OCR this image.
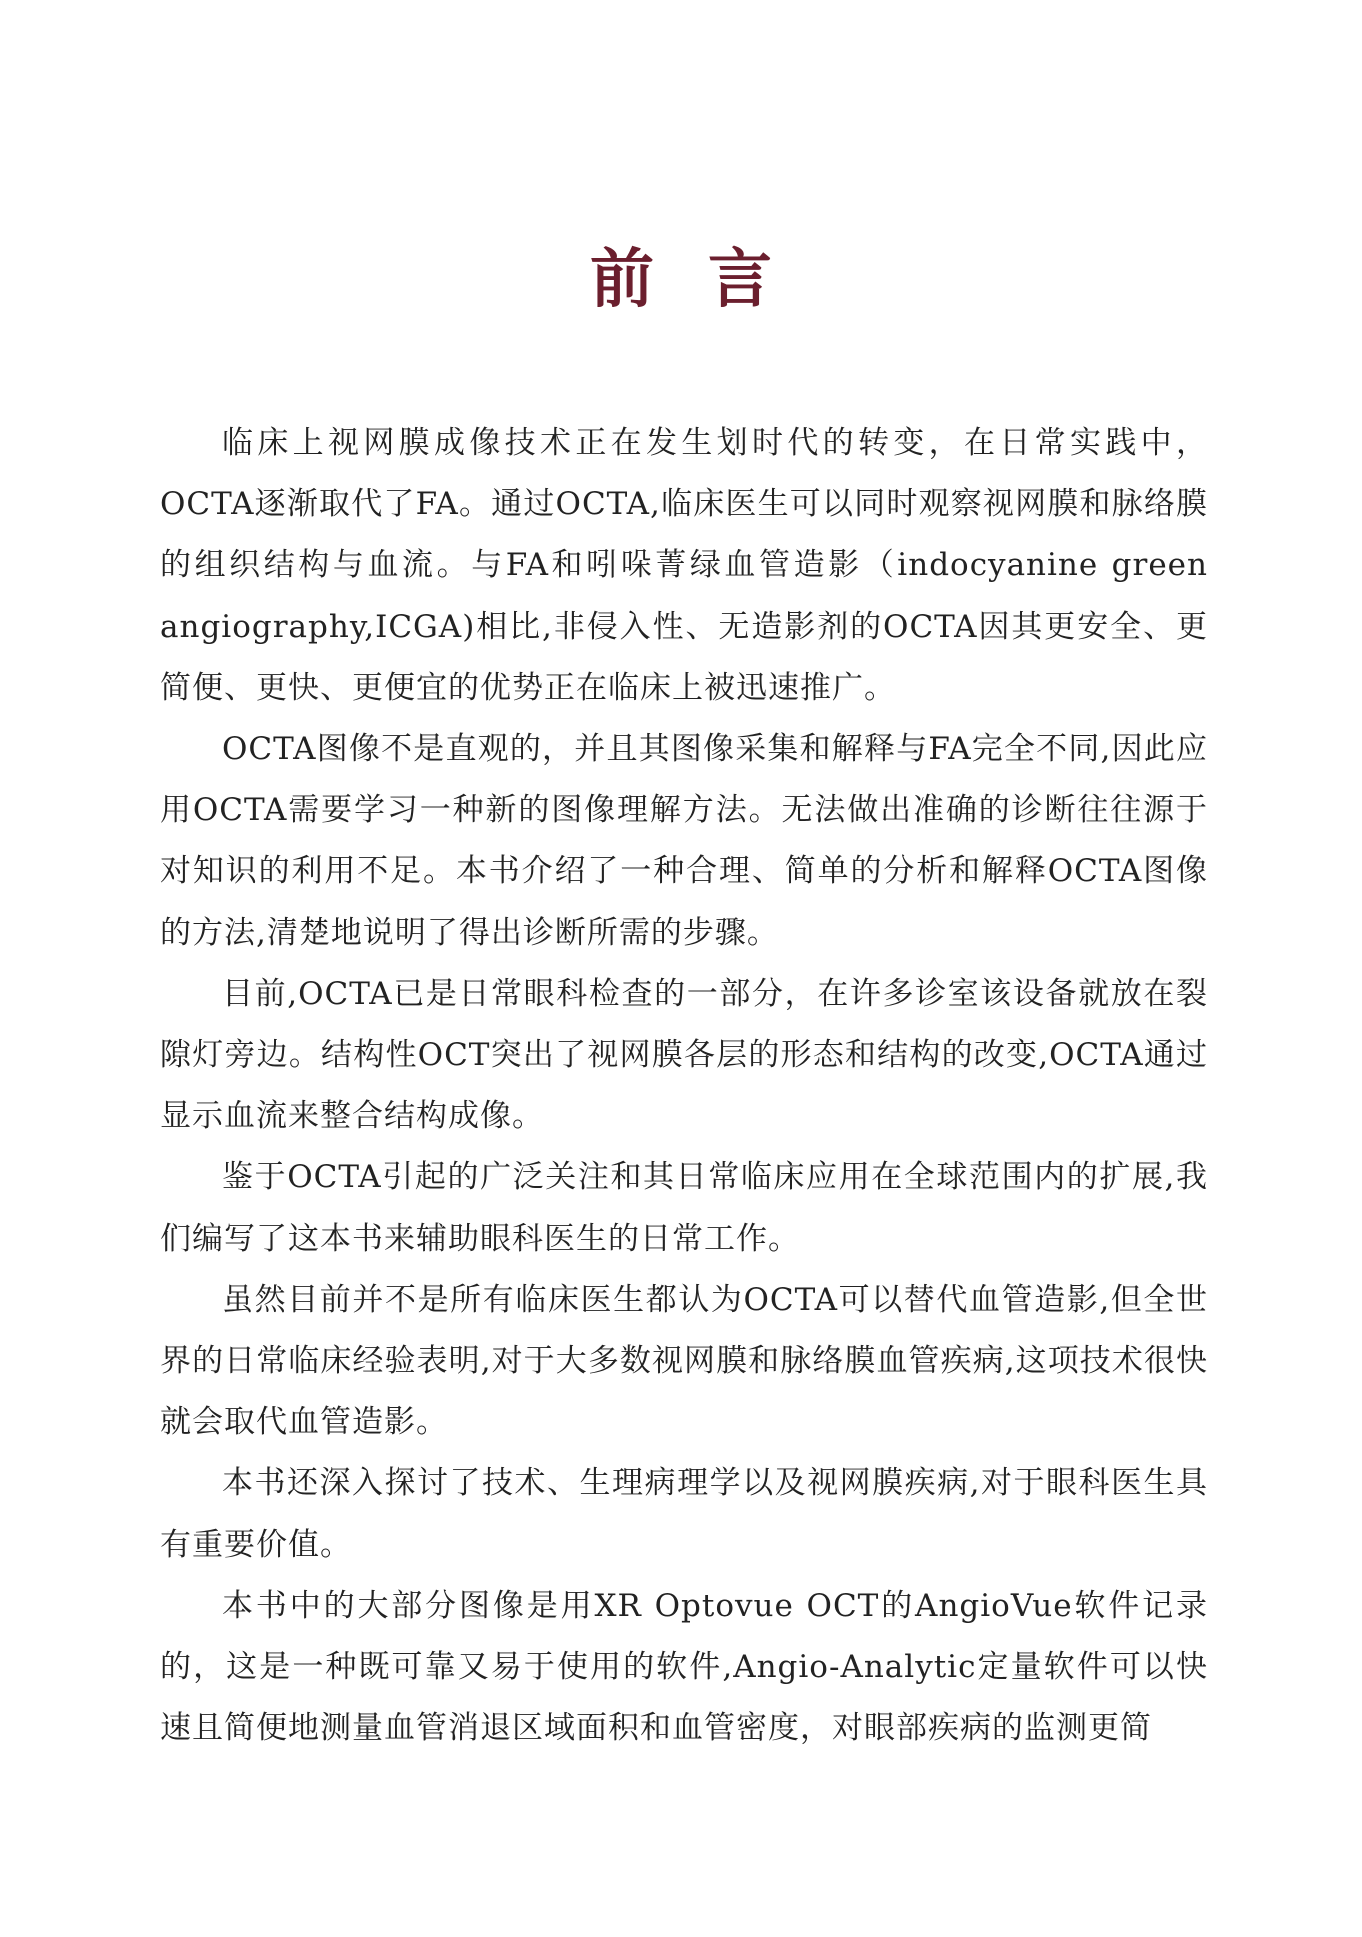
前言

临床上视网膜成像技术正在发生划时代的转变，在日常实践中，OCTA逐渐取代了FA。通过OCTA,临床医生可以同时观察视网膜和脉络膜的组织结构与血流。与FA和吲哚菁绿血管造影（indocyanine green angiography,ICGA)相比,非侵入性、无造影剂的OCTA因其更安全、更简便、更快、更便宜的优势正在临床上被迅速推广。

OCTA图像不是直观的，并且其图像采集和解释与FA完全不同,因此应用OCTA需要学习一种新的图像理解方法。无法做出准确的诊断往往源于对知识的利用不足。本书介绍了一种合理、简单的分析和解释OCTA图像的方法,清楚地说明了得出诊断所需的步骤。

目前,OCTA已是日常眼科检查的一部分，在许多诊室该设备就放在裂隙灯旁边。结构性OCT突出了视网膜各层的形态和结构的改变,OCTA通过显示血流来整合结构成像。

鉴于OCTA引起的广泛关注和其日常临床应用在全球范围内的扩展,我们编写了这本书来辅助眼科医生的日常工作。

虽然目前并不是所有临床医生都认为OCTA可以替代血管造影,但全世界的日常临床经验表明,对于大多数视网膜和脉络膜血管疾病,这项技术很快就会取代血管造影。

本书还深入探讨了技术、生理病理学以及视网膜疾病,对于眼科医生具有重要价值。

本书中的大部分图像是用XR Optovue OCT的AngioVue软件记录的，这是一种既可靠又易于使用的软件,Angio-Analytic定量软件可以快速且简便地测量血管消退区域面积和血管密度，对眼部疾病的监测更简
